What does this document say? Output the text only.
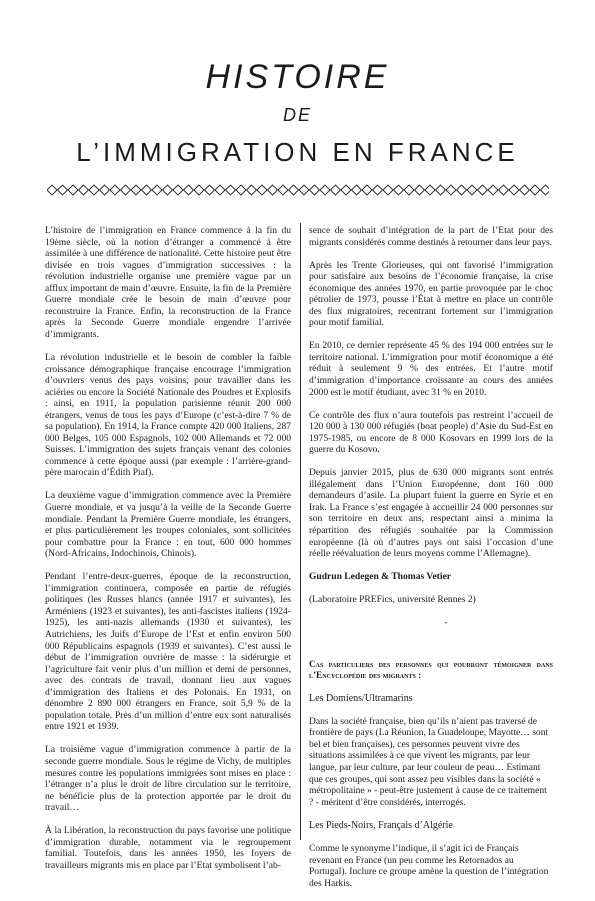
HISTOIRE
DE
L’IMMIGRATION EN FRANCE

L’histoire de l’immigration en France commence à la fin du 19ème siècle, où la notion d’étranger a commencé à être assimilée à une différence de nationalité. Cette histoire peut être divisée en trois vagues d’immigration successives : la révolution industrielle organise une première vague par un afflux important de main d’œuvre. Ensuite, la fin de la Première Guerre mondiale crée le besoin de main d’œuvre pour reconstruire la France. Enfin, la reconstruction de la France après la Seconde Guerre mondiale engendre l’arrivée d’immigrants.

La révolution industrielle et le besoin de combler la faible croissance démographique française encourage l’immigration d’ouvriers venus des pays voisins, pour travailler dans les aciéries ou encore la Société Nationale des Poudres et Explosifs : ainsi, en 1911, la population parisienne réunit 200 000 étrangers, venus de tous les pays d’Europe (c’est-à-dire 7 % de sa population). En 1914, la France compte 420 000 Italiens, 287 000 Belges, 105 000 Espagnols, 102 000 Allemands et 72 000 Suisses. L’immigration des sujets français venant des colonies commence à cette époque aussi (par exemple : l’arrière-grand-père marocain d’Édith Piaf).

La deuxième vague d’immigration commence avec la Première Guerre mondiale, et va jusqu’à la veille de la Seconde Guerre mondiale. Pendant la Première Guerre mondiale, les étrangers, et plus particulièrement les troupes coloniales, sont sollicitées pour combattre pour la France : en tout, 600 000 hommes (Nord-Africains, Indochinois, Chinois).

Pendant l’entre-deux-guerres, époque de la reconstruction, l’immigration continuera, composée en partie de réfugiés politiques (les Russes blancs (année 1917 et suivantes), les Arméniens (1923 et suivantes), les anti-fascistes italiens (1924-1925), les anti-nazis allemands (1930 et suivantes), les Autrichiens, les Juifs d’Europe de l’Est et enfin environ 500 000 Républicains espagnols (1939 et suivantes). C’est aussi le début de l’immigration ouvrière de masse : la sidérurgie et l’agriculture fait venir plus d’un million et demi de personnes, avec des contrats de travail, donnant lieu aux vagues d’immigration des Italiens et des Polonais. En 1931, on dénombre 2 890 000 étrangers en France, soit 5,9 % de la population totale. Près d’un million d’entre eux sont naturalisés entre 1921 et 1939.

La troisième vague d’immigration commence à partir de la seconde guerre mondiale. Sous le régime de Vichy, de multiples mesures contre les populations immigrées sont mises en place : l’étranger n’a plus le droit de libre circulation sur le territoire, ne bénéficie plus de la protection apportée par le droit du travail…

À la Libération, la reconstruction du pays favorise une politique d’immigration durable, notamment via le regroupement familial. Toutefois, dans les années 1950, les foyers de travailleurs migrants mis en place par l’Etat symbolisent l’ab-

sence de souhait d’intégration de la part de l’Etat pour des migrants considérés comme destinés à retourner dans leur pays.

Après les Trente Glorieuses, qui ont favorisé l’immigration pour satisfaire aux besoins de l’économie française, la crise économique des années 1970, en partie provoquée par le choc pétrolier de 1973, pousse l’État à mettre en place un contrôle des flux migratoires, recentrant fortement sur l’immigration pour motif familial.

En 2010, ce dernier représente 45 % des 194 000 entrées sur le territoire national. L’immigration pour motif économique a été réduit à seulement 9 % des entrées. Et l’autre motif d’immigration d’importance croissante au cours des années 2000 est le motif étudiant, avec 31 % en 2010.

Ce contrôle des flux n’aura toutefois pas restreint l’accueil de 120 000 à 130 000 réfugiés (boat people) d’Asie du Sud-Est en 1975-1985, ou encore de 8 000 Kosovars en 1999 lors de la guerre du Kosovo.

Depuis janvier 2015, plus de 630 000 migrants sont entrés illégalement dans l’Union Européenne, dont 160 000 demandeurs d’asile. La plupart fuient la guerre en Syrie et en Irak. La France s’est engagée à accueillir 24 000 personnes sur son territoire en deux ans, respectant ainsi a minima la répartition des réfugiés souhaitée par la Commission européenne (là où d’autres pays ont saisi l’occasion d’une réelle réévaluation de leurs moyens comme l’Allemagne).

Gudrun Ledegen & Thomas Vetier

(Laboratoire PREFics, université Rennes 2)

-

Cas particuliers des personnes qui pourront témoigner dans l’Encyclopédie des migrants :

Les Domiens/Ultramarins

Dans la société française, bien qu’ils n’aient pas traversé de frontière de pays (La Réunion, la Guadeloupe, Mayotte… sont bel et bien françaises), ces personnes peuvent vivre des situations assimilées à ce que vivent les migrants, par leur langue, par leur culture, par leur couleur de peau… Estimant que ces groupes, qui sont assez peu visibles dans la société « métropolitaine » - peut-être justement à cause de ce traitement ? - méritent d’être considérés, interrogés.

Les Pieds-Noirs, Français d’Algérie

Comme le synonyme l’indique, il s’agit ici de Français revenant en France (un peu comme les Retornados au Portugal). Inclure ce groupe amène la question de l’intégration des Harkis.
